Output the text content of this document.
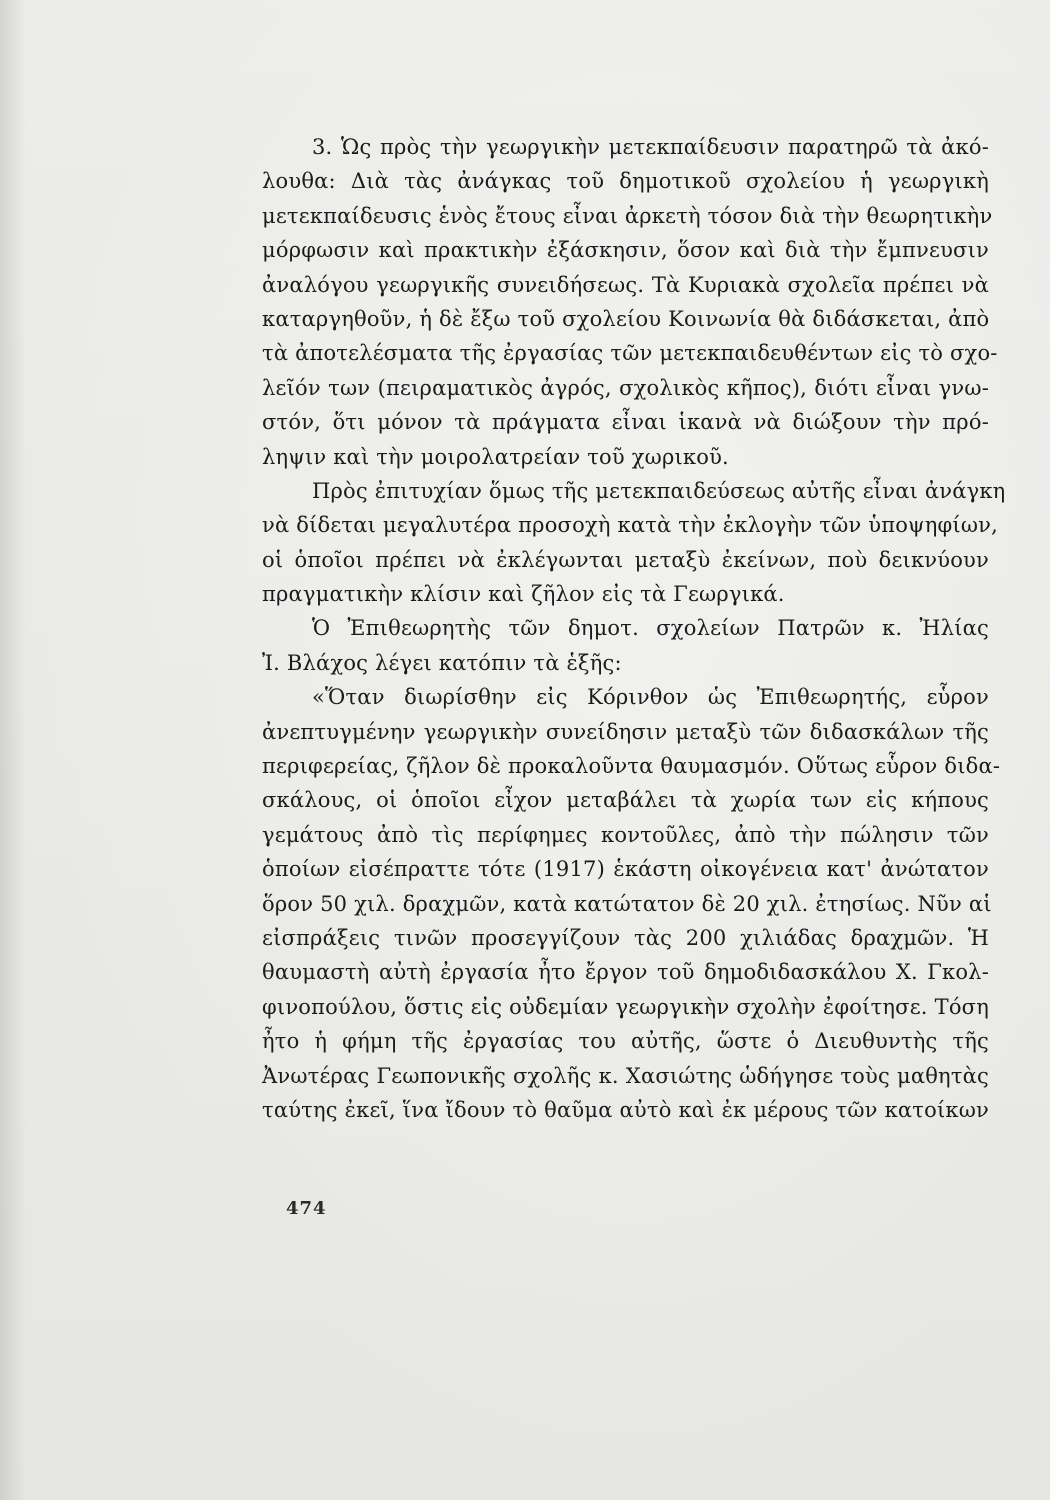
3. Ὡς πρὸς τὴν γεωργικὴν μετεκπαίδευσιν παρατηρῶ τὰ ἀκό-
λουθα: Διὰ τὰς ἀνάγκας τοῦ δημοτικοῦ σχολείου ἡ γεωργικὴ
μετεκπαίδευσις ἑνὸς ἔτους εἶναι ἀρκετὴ τόσον διὰ τὴν θεωρητικὴν
μόρφωσιν καὶ πρακτικὴν ἐξάσκησιν, ὅσον καὶ διὰ τὴν ἔμπνευσιν
ἀναλόγου γεωργικῆς συνειδήσεως. Τὰ Κυριακὰ σχολεῖα πρέπει νὰ
καταργηθοῦν, ἡ δὲ ἔξω τοῦ σχολείου Κοινωνία θὰ διδάσκεται, ἀπὸ
τὰ ἀποτελέσματα τῆς ἐργασίας τῶν μετεκπαιδευθέντων εἰς τὸ σχο-
λεῖόν των (πειραματικὸς ἀγρός, σχολικὸς κῆπος), διότι εἶναι γνω-
στόν, ὅτι μόνον τὰ πράγματα εἶναι ἱκανὰ νὰ διώξουν τὴν πρό-
ληψιν καὶ τὴν μοιρολατρείαν τοῦ χωρικοῦ.
Πρὸς ἐπιτυχίαν ὅμως τῆς μετεκπαιδεύσεως αὐτῆς εἶναι ἀνάγκη
νὰ δίδεται μεγαλυτέρα προσοχὴ κατὰ τὴν ἐκλογὴν τῶν ὑποψηφίων,
οἱ ὁποῖοι πρέπει νὰ ἐκλέγωνται μεταξὺ ἐκείνων, ποὺ δεικνύουν
πραγματικὴν κλίσιν καὶ ζῆλον εἰς τὰ Γεωργικά.
Ὁ Ἐπιθεωρητὴς τῶν δημοτ. σχολείων Πατρῶν κ. Ἠλίας
Ἰ. Βλάχος λέγει κατόπιν τὰ ἑξῆς:
«Ὅταν διωρίσθην εἰς Κόρινθον ὡς Ἐπιθεωρητής, εὗρον
ἀνεπτυγμένην γεωργικὴν συνείδησιν μεταξὺ τῶν διδασκάλων τῆς
περιφερείας, ζῆλον δὲ προκαλοῦντα θαυμασμόν. Οὕτως εὗρον διδα-
σκάλους, οἱ ὁποῖοι εἶχον μεταβάλει τὰ χωρία των εἰς κήπους
γεμάτους ἀπὸ τὶς περίφημες κοντοῦλες, ἀπὸ τὴν πώλησιν τῶν
ὁποίων εἰσέπραττε τότε (1917) ἑκάστη οἰκογένεια κατ' ἀνώτατον
ὅρον 50 χιλ. δραχμῶν, κατὰ κατώτατον δὲ 20 χιλ. ἐτησίως. Νῦν αἱ
εἰσπράξεις τινῶν προσεγγίζουν τὰς 200 χιλιάδας δραχμῶν. Ἡ
θαυμαστὴ αὐτὴ ἐργασία ἦτο ἔργον τοῦ δημοδιδασκάλου Χ. Γκολ-
φινοπούλου, ὅστις εἰς οὐδεμίαν γεωργικὴν σχολὴν ἐφοίτησε. Τόση
ἦτο ἡ φήμη τῆς ἐργασίας του αὐτῆς, ὥστε ὁ Διευθυντὴς τῆς
Ἀνωτέρας Γεωπονικῆς σχολῆς κ. Χασιώτης ὡδήγησε τοὺς μαθητὰς
ταύτης ἐκεῖ, ἵνα ἴδουν τὸ θαῦμα αὐτὸ καὶ ἐκ μέρους τῶν κατοίκων
474
